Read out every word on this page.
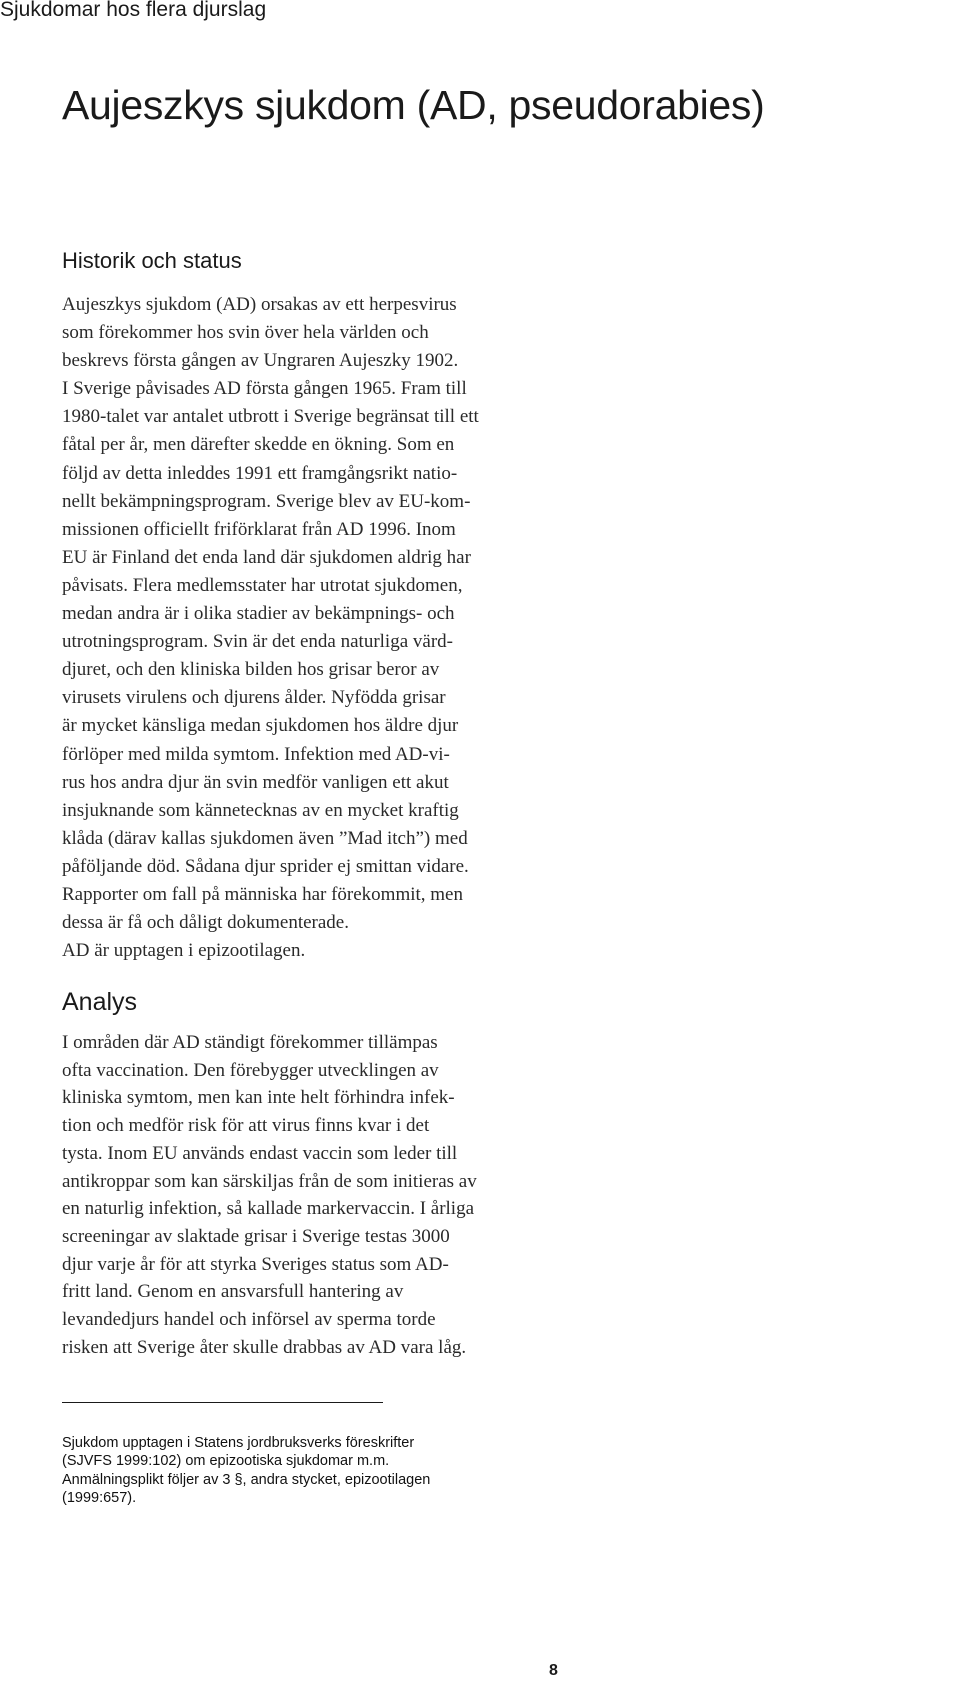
Sjukdomar hos flera djurslag
Aujeszkys sjukdom (AD, pseudorabies)
Historik och status
Aujeszkys sjukdom (AD) orsakas av ett herpesvirus
som förekommer hos svin över hela världen och
beskrevs första gången av Ungraren Aujeszky 1902.
I Sverige påvisades AD första gången 1965. Fram till
1980-talet var antalet utbrott i Sverige begränsat till ett
fåtal per år, men därefter skedde en ökning. Som en
följd av detta inleddes 1991 ett framgångsrikt natio-
nellt bekämpningsprogram. Sverige blev av EU-kom-
missionen officiellt friförklarat från AD 1996. Inom
EU är Finland det enda land där sjukdomen aldrig har
påvisats. Flera medlemsstater har utrotat sjukdomen,
medan andra är i olika stadier av bekämpnings- och
utrotningsprogram. Svin är det enda naturliga värd-
djuret, och den kliniska bilden hos grisar beror av
virusets virulens och djurens ålder. Nyfödda grisar
är mycket känsliga medan sjukdomen hos äldre djur
förlöper med milda symtom. Infektion med AD-vi-
rus hos andra djur än svin medför vanligen ett akut
insjuknande som kännetecknas av en mycket kraftig
klåda (därav kallas sjukdomen även ”Mad itch”) med
påföljande död. Sådana djur sprider ej smittan vidare.
Rapporter om fall på människa har förekommit, men
dessa är få och dåligt dokumenterade.
AD är upptagen i epizootilagen.
Analys
I områden där AD ständigt förekommer tillämpas
ofta vaccination. Den förebygger utvecklingen av
kliniska symtom, men kan inte helt förhindra infek-
tion och medför risk för att virus finns kvar i det
tysta. Inom EU används endast vaccin som leder till
antikroppar som kan särskiljas från de som initieras av
en naturlig infektion, så kallade markervaccin. I årliga
screeningar av slaktade grisar i Sverige testas 3000
djur varje år för att styrka Sveriges status som AD-
fritt land. Genom en ansvarsfull hantering av
levandedjurs handel och införsel av sperma torde
risken att Sverige åter skulle drabbas av AD vara låg.
Sjukdom upptagen i Statens jordbruksverks föreskrifter
(SJVFS 1999:102) om epizootiska sjukdomar m.m.
Anmälningsplikt följer av 3 §, andra stycket, epizootilagen
(1999:657).
8
